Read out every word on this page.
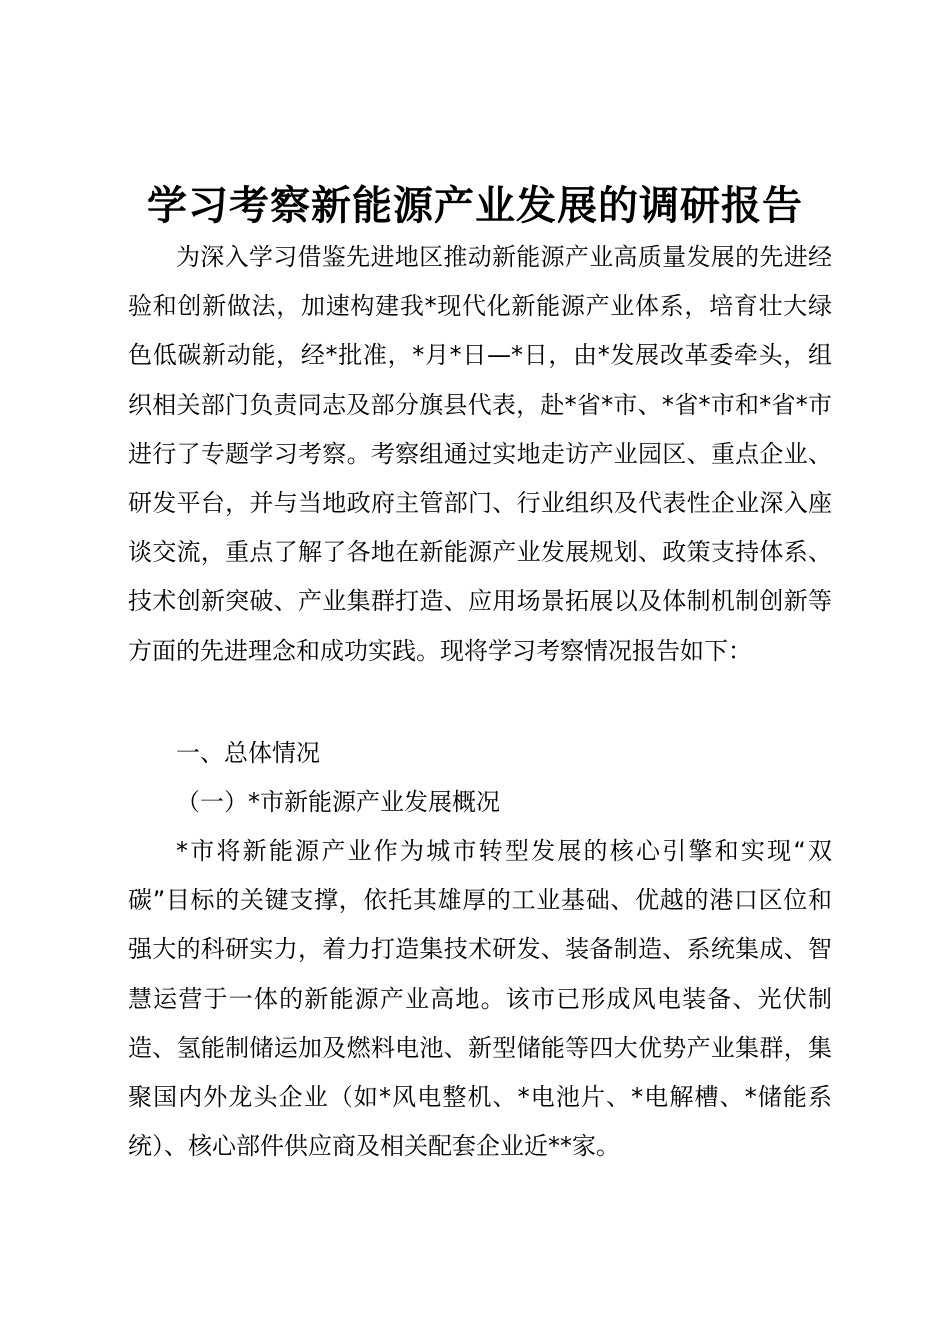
学习考察新能源产业发展的调研报告

为深入学习借鉴先进地区推动新能源产业高质量发展的先进经验和创新做法，加速构建我*现代化新能源产业体系，培育壮大绿色低碳新动能，经*批准，*月*日—*日，由*发展改革委牵头，组织相关部门负责同志及部分旗县代表，赴*省*市、*省*市和*省*市进行了专题学习考察。考察组通过实地走访产业园区、重点企业、研发平台，并与当地政府主管部门、行业组织及代表性企业深入座谈交流，重点了解了各地在新能源产业发展规划、政策支持体系、技术创新突破、产业集群打造、应用场景拓展以及体制机制创新等方面的先进理念和成功实践。现将学习考察情况报告如下：

一、总体情况

（一）*市新能源产业发展概况

*市将新能源产业作为城市转型发展的核心引擎和实现“双碳”目标的关键支撑，依托其雄厚的工业基础、优越的港口区位和强大的科研实力，着力打造集技术研发、装备制造、系统集成、智慧运营于一体的新能源产业高地。该市已形成风电装备、光伏制造、氢能制储运加及燃料电池、新型储能等四大优势产业集群，集聚国内外龙头企业（如*风电整机、*电池片、*电解槽、*储能系统）、核心部件供应商及相关配套企业近**家。
